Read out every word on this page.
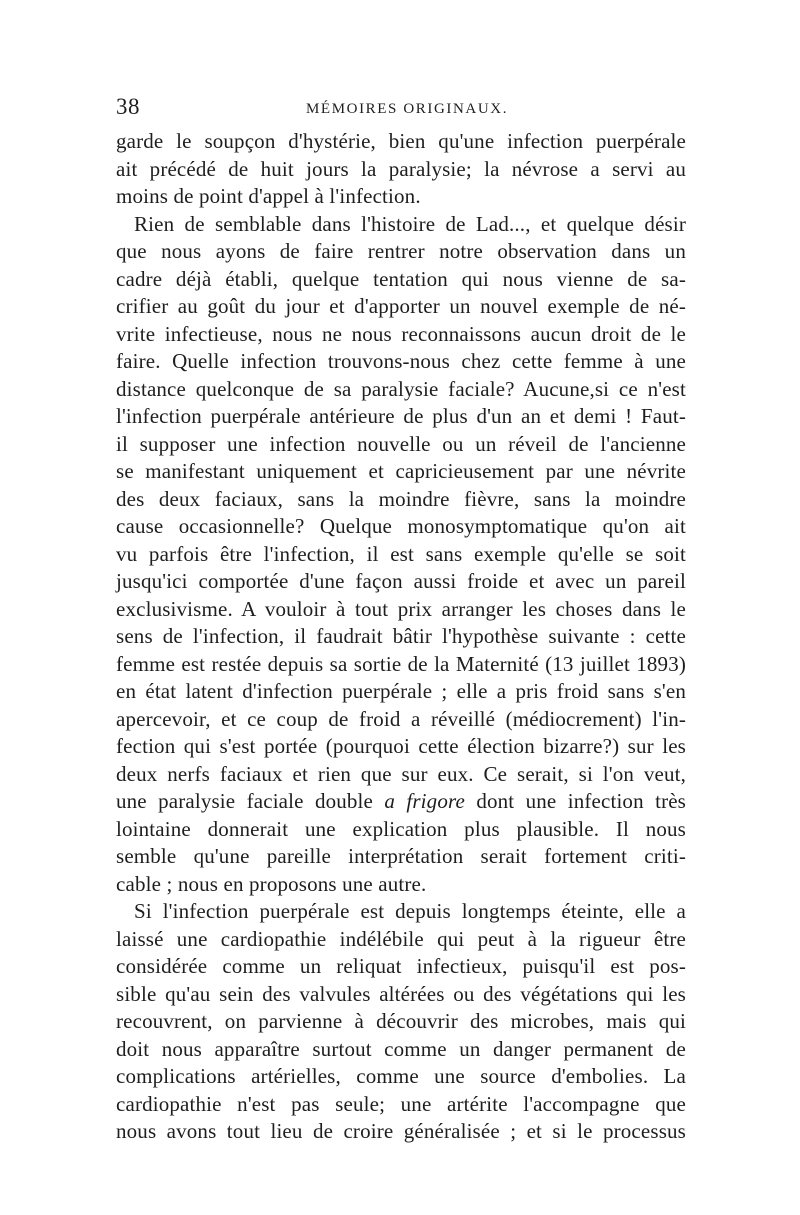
38	MÉMOIRES ORIGINAUX.
garde le soupçon d'hystérie, bien qu'une infection puerpérale
ait précédé de huit jours la paralysie; la névrose a servi au
moins de point d'appel à l'infection.
Rien de semblable dans l'histoire de Lad..., et quelque désir
que nous ayons de faire rentrer notre observation dans un
cadre déjà établi, quelque tentation qui nous vienne de sa-
crifier au goût du jour et d'apporter un nouvel exemple de né-
vrite infectieuse, nous ne nous reconnaissons aucun droit de le
faire. Quelle infection trouvons-nous chez cette femme à une
distance quelconque de sa paralysie faciale? Aucune,si ce n'est
l'infection puerpérale antérieure de plus d'un an et demi ! Faut-
il supposer une infection nouvelle ou un réveil de l'ancienne
se manifestant uniquement et capricieusement par une névrite
des deux faciaux, sans la moindre fièvre, sans la moindre
cause occasionnelle? Quelque monosymptomatique qu'on ait
vu parfois être l'infection, il est sans exemple qu'elle se soit
jusqu'ici comportée d'une façon aussi froide et avec un pareil
exclusivisme. A vouloir à tout prix arranger les choses dans le
sens de l'infection, il faudrait bâtir l'hypothèse suivante : cette
femme est restée depuis sa sortie de la Maternité (13 juillet 1893)
en état latent d'infection puerpérale ; elle a pris froid sans s'en
apercevoir, et ce coup de froid a réveillé (médiocrement) l'in-
fection qui s'est portée (pourquoi cette élection bizarre?) sur les
deux nerfs faciaux et rien que sur eux. Ce serait, si l'on veut,
une paralysie faciale double a frigore dont une infection très
lointaine donnerait une explication plus plausible. Il nous
semble qu'une pareille interprétation serait fortement criti-
cable ; nous en proposons une autre.
Si l'infection puerpérale est depuis longtemps éteinte, elle a
laissé une cardiopathie indélébile qui peut à la rigueur être
considérée comme un reliquat infectieux, puisqu'il est pos-
sible qu'au sein des valvules altérées ou des végétations qui les
recouvrent, on parvienne à découvrir des microbes, mais qui
doit nous apparaître surtout comme un danger permanent de
complications artérielles, comme une source d'embolies. La
cardiopathie n'est pas seule; une artérite l'accompagne que
nous avons tout lieu de croire généralisée ; et si le processus
